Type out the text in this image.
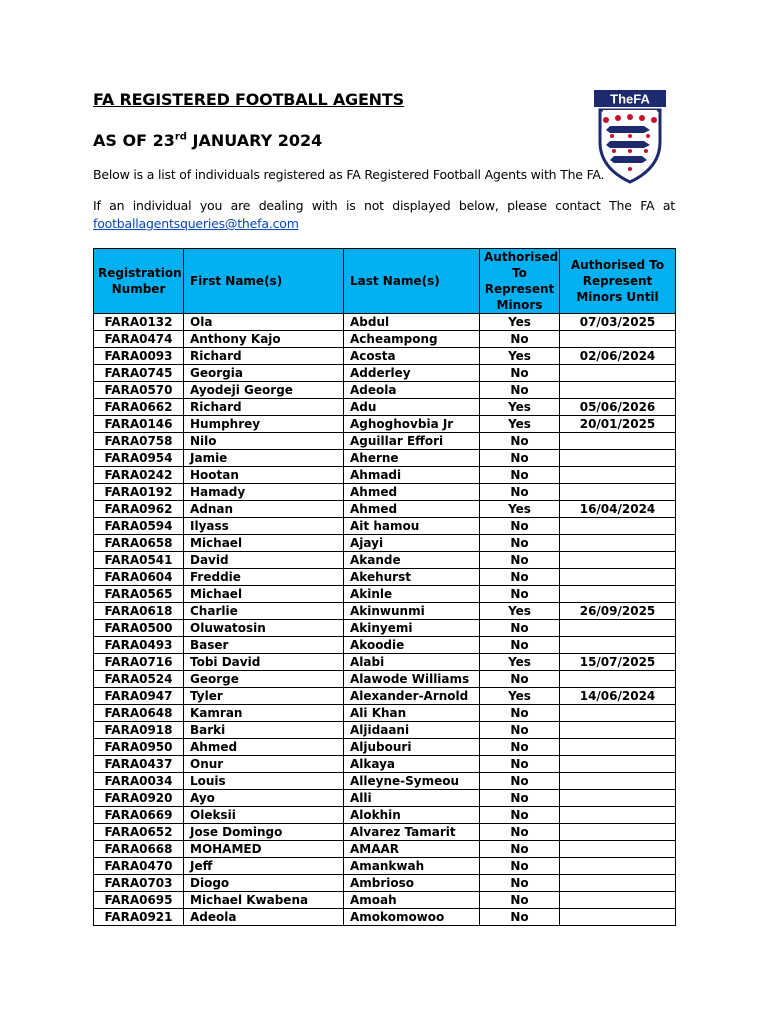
FA REGISTERED FOOTBALL AGENTS
AS OF 23rd JANUARY 2024

Below is a list of individuals registered as FA Registered Football Agents with The FA.

If an individual you are dealing with is not displayed below, please contact The FA at

footballagentsqueries@thefa.com
TheFA
Registration Number	First Name(s)	Last Name(s)	Authorised To Represent Minors	Authorised To Represent Minors Until
FARA0132	Ola	Abdul	Yes	07/03/2025
FARA0474	Anthony Kajo	Acheampong	No	
FARA0093	Richard	Acosta	Yes	02/06/2024
FARA0745	Georgia	Adderley	No	
FARA0570	Ayodeji George	Adeola	No	
FARA0662	Richard	Adu	Yes	05/06/2026
FARA0146	Humphrey	Aghoghovbia Jr	Yes	20/01/2025
FARA0758	Nilo	Aguillar Effori	No	
FARA0954	Jamie	Aherne	No	
FARA0242	Hootan	Ahmadi	No	
FARA0192	Hamady	Ahmed	No	
FARA0962	Adnan	Ahmed	Yes	16/04/2024
FARA0594	Ilyass	Ait hamou	No	
FARA0658	Michael	Ajayi	No	
FARA0541	David	Akande	No	
FARA0604	Freddie	Akehurst	No	
FARA0565	Michael	Akinle	No	
FARA0618	Charlie	Akinwunmi	Yes	26/09/2025
FARA0500	Oluwatosin	Akinyemi	No	
FARA0493	Baser	Akoodie	No	
FARA0716	Tobi David	Alabi	Yes	15/07/2025
FARA0524	George	Alawode Williams	No	
FARA0947	Tyler	Alexander-Arnold	Yes	14/06/2024
FARA0648	Kamran	Ali Khan	No	
FARA0918	Barki	Aljidaani	No	
FARA0950	Ahmed	Aljubouri	No	
FARA0437	Onur	Alkaya	No	
FARA0034	Louis	Alleyne-Symeou	No	
FARA0920	Ayo	Alli	No	
FARA0669	Oleksii	Alokhin	No	
FARA0652	Jose Domingo	Alvarez Tamarit	No	
FARA0668	MOHAMED	AMAAR	No	
FARA0470	Jeff	Amankwah	No	
FARA0703	Diogo	Ambrioso	No	
FARA0695	Michael Kwabena	Amoah	No	
FARA0921	Adeola	Amokomowoo	No	
